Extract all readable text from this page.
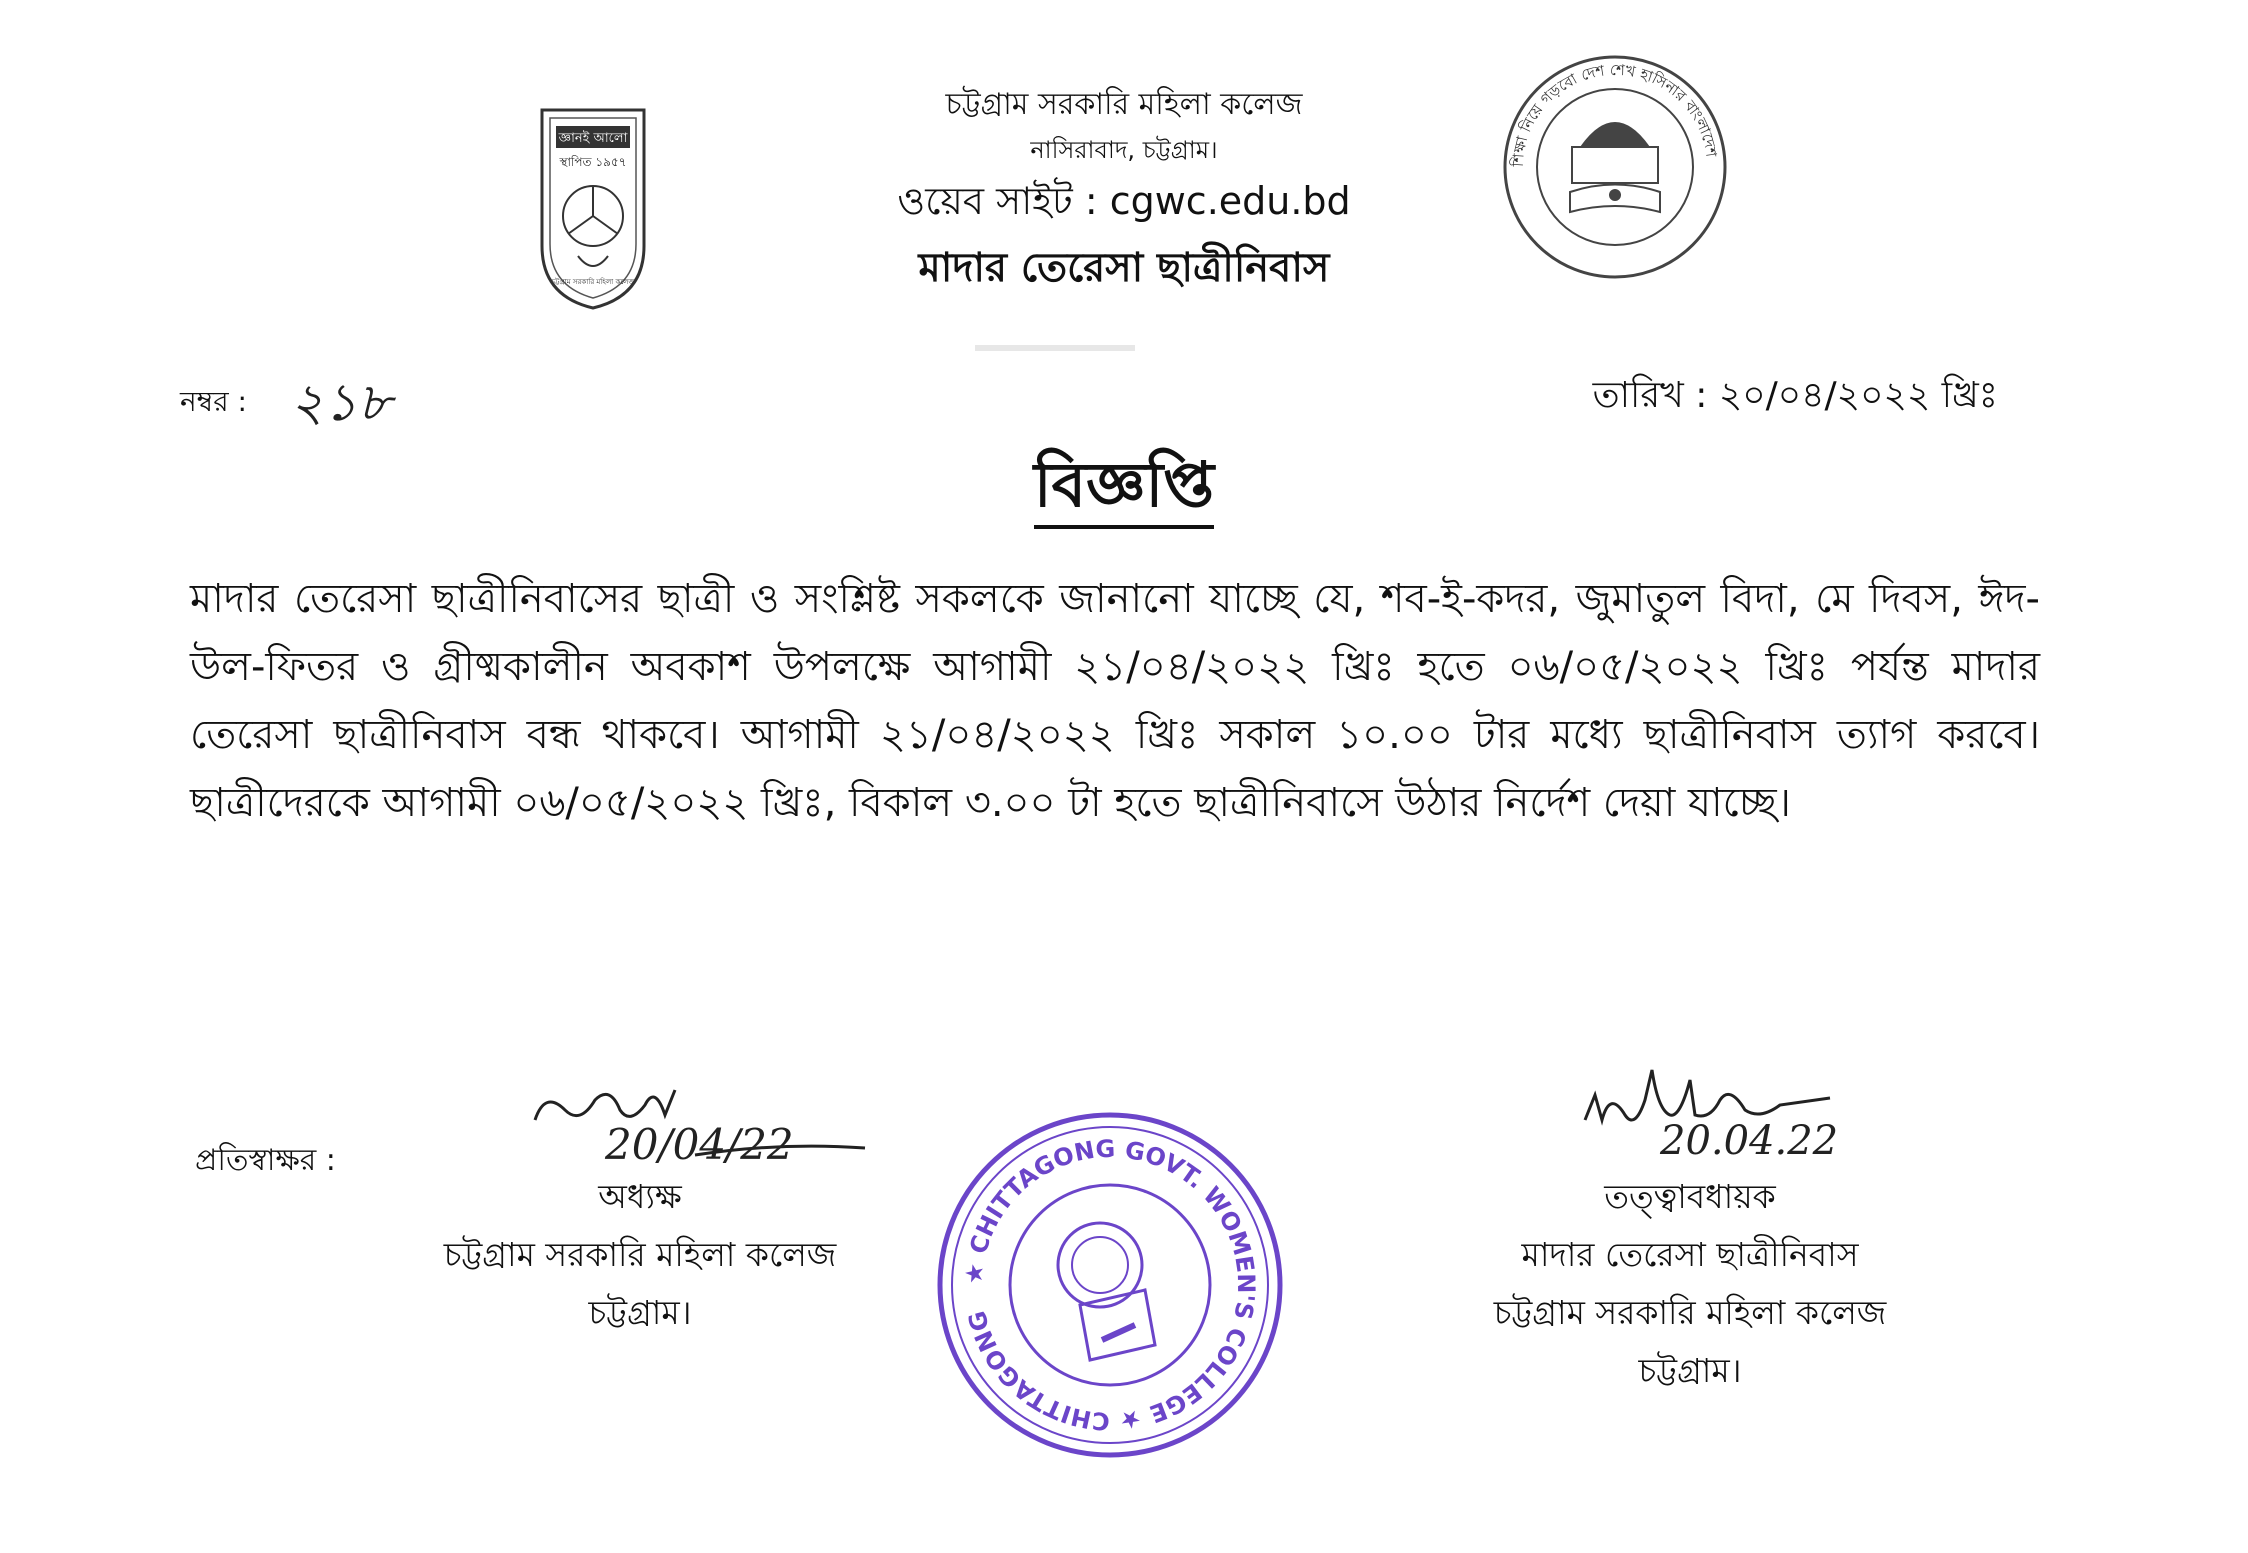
জ্ঞানই আলো
স্থাপিত ১৯৫৭
চট্টগ্রাম সরকারি মহিলা কলেজ
চট্টগ্রাম সরকারি মহিলা কলেজ
নাসিরাবাদ, চট্টগ্রাম।
ওয়েব সাইট : cgwc.edu.bd
মাদার তেরেসা ছাত্রীনিবাস
শিক্ষা নিয়ে গড়বো দেশ শেখ হাসিনার বাংলাদেশ
নম্বর : ২১৮	তারিখ : ২০/০৪/২০২২ খ্রিঃ
বিজ্ঞপ্তি
মাদার তেরেসা ছাত্রীনিবাসের ছাত্রী ও সংশ্লিষ্ট সকলকে জানানো যাচ্ছে যে, শব-ই-কদর, জুমাতুল বিদা, মে দিবস, ঈদ-উল-ফিতর ও গ্রীষ্মকালীন অবকাশ উপলক্ষে আগামী ২১/০৪/২০২২ খ্রিঃ হতে ০৬/০৫/২০২২ খ্রিঃ পর্যন্ত মাদার তেরেসা ছাত্রীনিবাস বন্ধ থাকবে। আগামী ২১/০৪/২০২২ খ্রিঃ সকাল ১০.০০ টার মধ্যে ছাত্রীনিবাস ত্যাগ করবে। ছাত্রীদেরকে আগামী ০৬/০৫/২০২২ খ্রিঃ, বিকাল ৩.০০ টা হতে ছাত্রীনিবাসে উঠার নির্দেশ দেয়া যাচ্ছে।
প্রতিস্বাক্ষর :	20/04/22
অধ্যক্ষ
চট্টগ্রাম সরকারি মহিলা কলেজ
চট্টগ্রাম।
★ CHITTAGONG GOVT. WOMEN'S COLLEGE ★ CHITTAGONG
20.04.22
তত্ত্বাবধায়ক
মাদার তেরেসা ছাত্রীনিবাস
চট্টগ্রাম সরকারি মহিলা কলেজ
চট্টগ্রাম।
